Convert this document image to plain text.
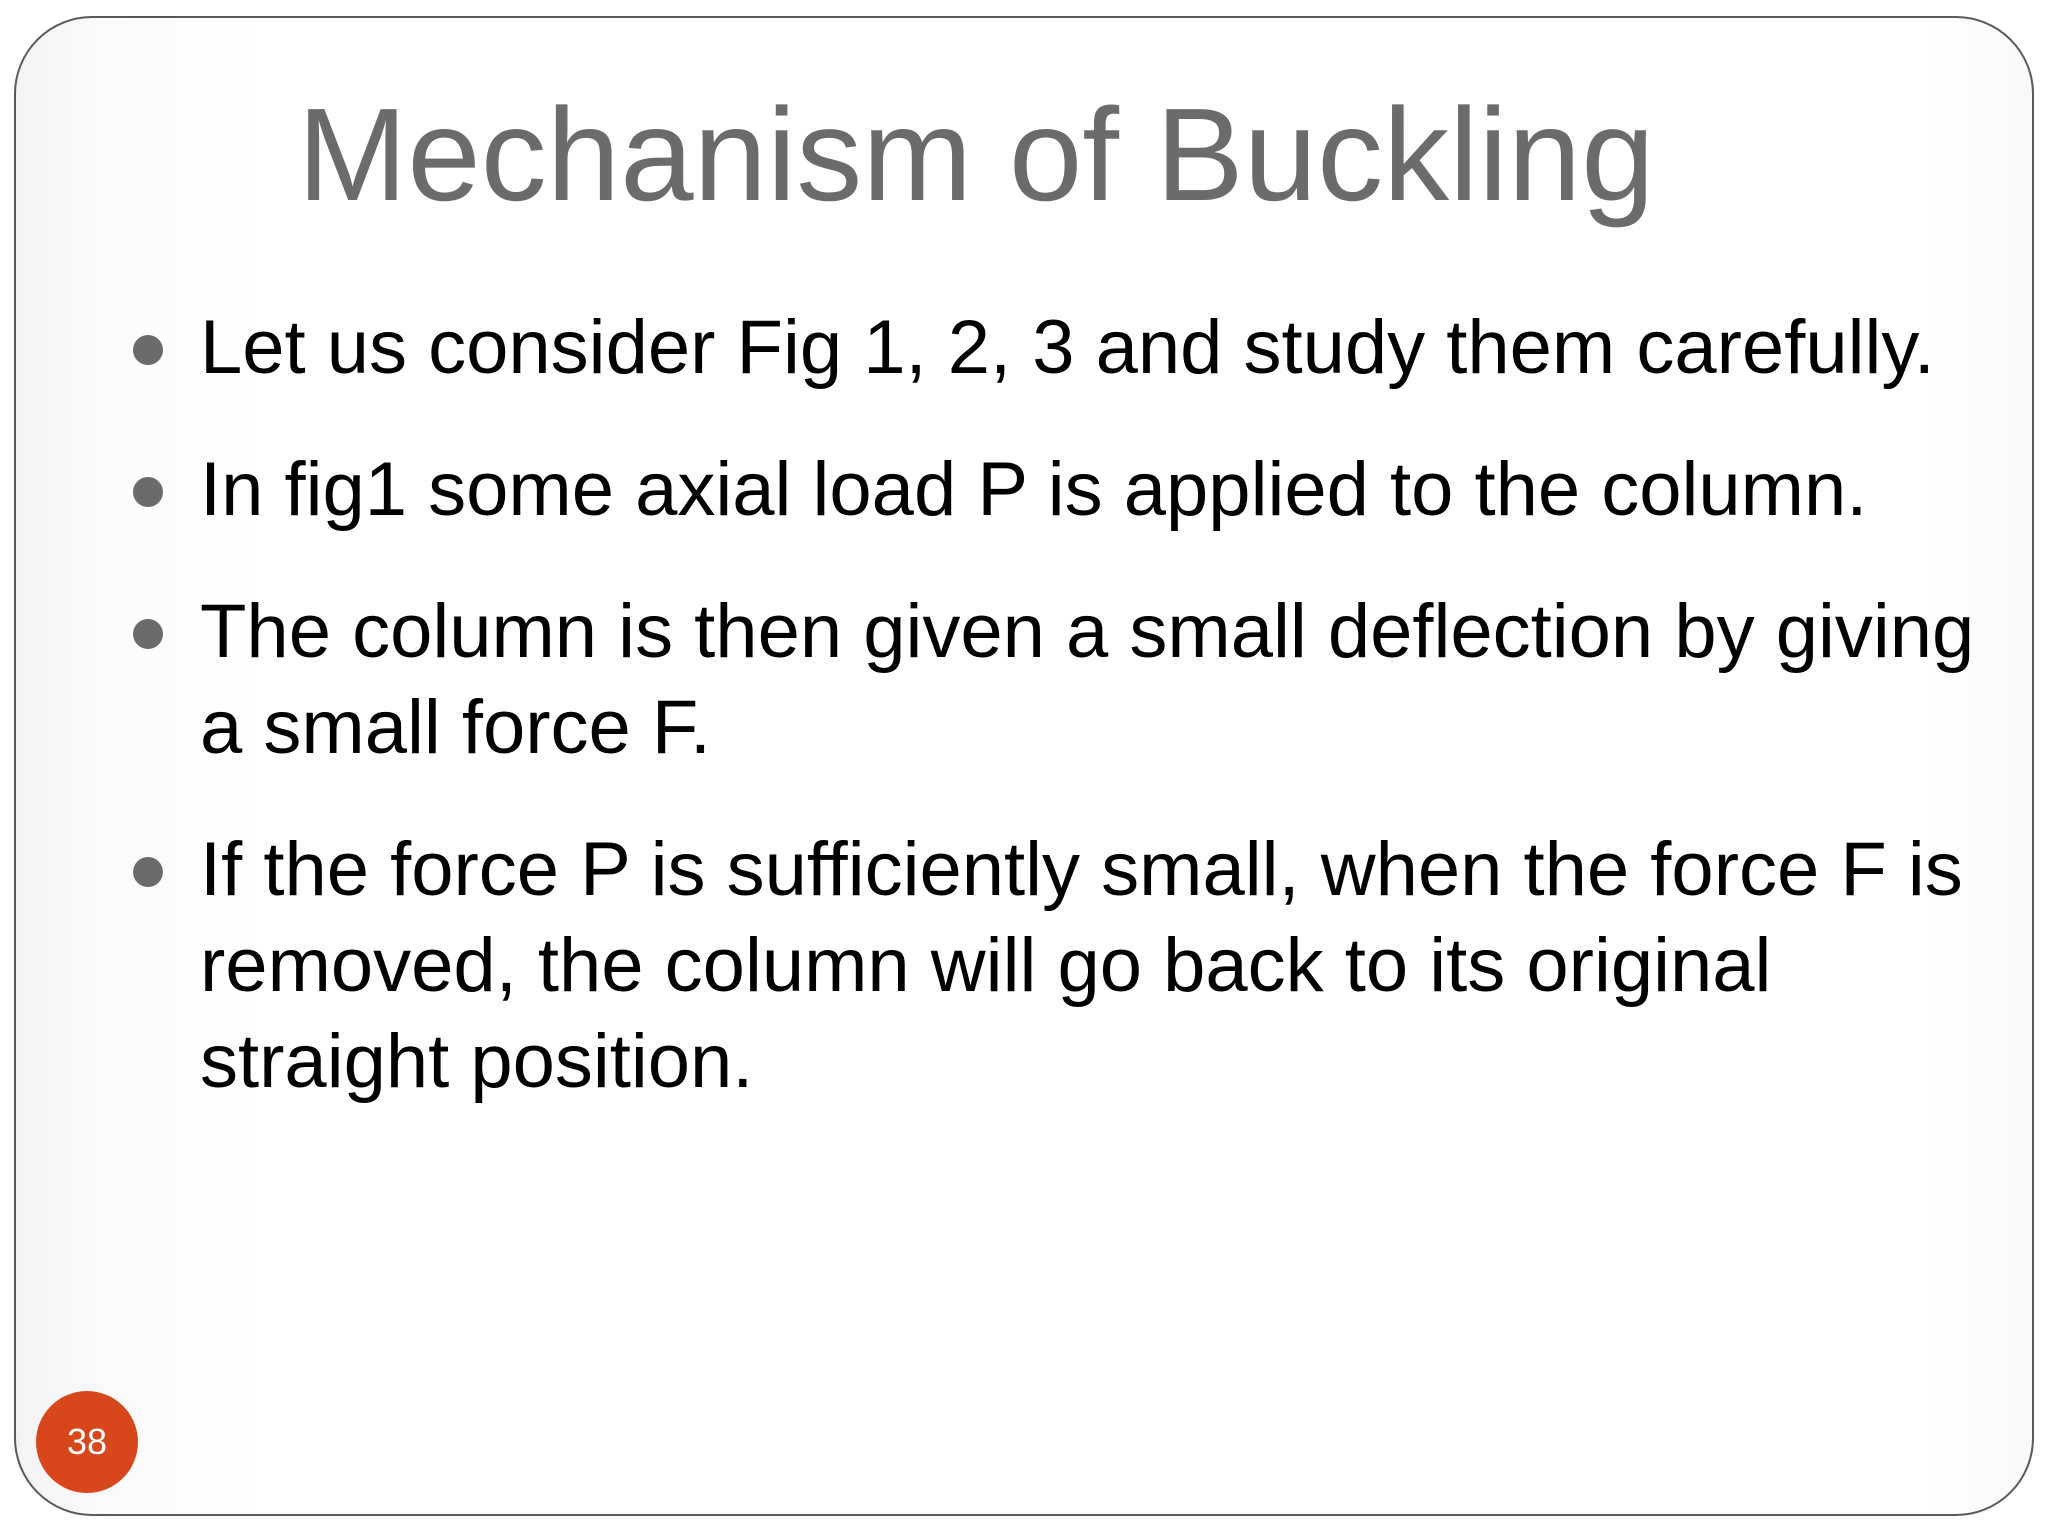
Mechanism of Buckling
Let us consider Fig 1, 2, 3 and study them carefully.
In fig1 some axial load P is applied to the column.
The column is then given a small deflection by giving a small force F.
If the force P is sufficiently small, when the force F is removed, the column will go back to its original straight position.
38
